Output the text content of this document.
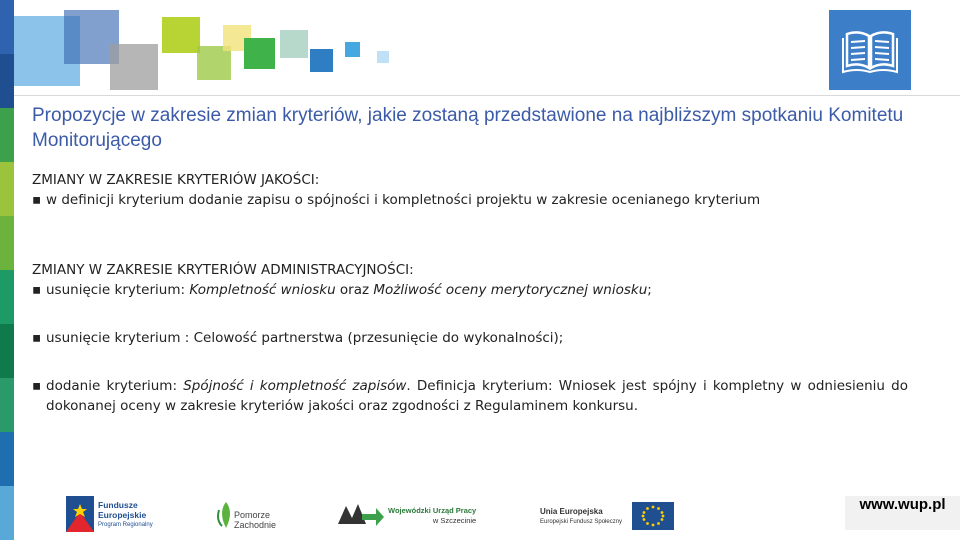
Propozycje w zakresie zmian kryteriów, jakie zostaną przedstawione na najbliższym spotkaniu Komitetu Monitorującego

ZMIANY W ZAKRESIE KRYTERIÓW JAKOŚCI:

▪ w definicji kryterium dodanie zapisu o spójności i kompletności projektu w zakresie ocenianego kryterium

ZMIANY W ZAKRESIE KRYTERIÓW ADMINISTRACYJNOŚCI:

▪ usunięcie kryterium: Kompletność wniosku oraz Możliwość oceny merytorycznej wniosku;

▪ usunięcie kryterium : Celowość partnerstwa (przesunięcie do wykonalności);

▪ dodanie kryterium: Spójność i kompletność zapisów. Definicja kryterium: Wniosek jest spójny i kompletny w odniesieniu do dokonanej oceny w zakresie kryteriów jakości oraz zgodności z Regulaminem konkursu.

Fundusze
Europejskie
Program Regionalny
Pomorze
Zachodnie
Wojewódzki Urząd Pracy
w Szczecinie
Unia Europejska
Europejski Fundusz Społeczny
www.wup.pl
